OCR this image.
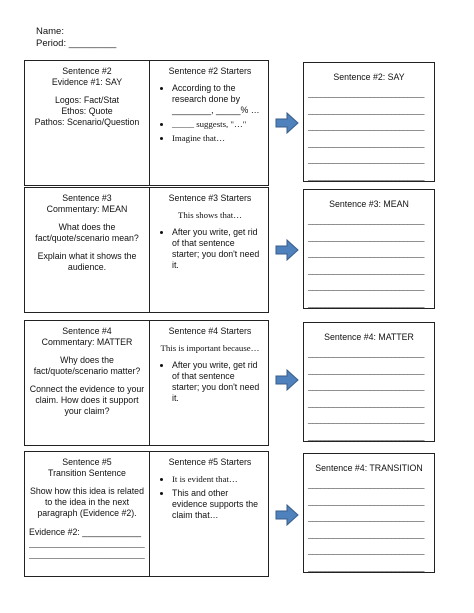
Name:
Period: _________
Sentence #2
Evidence #1: SAY
Logos: Fact/Stat
Ethos: Quote
Pathos: Scenario/Question
Sentence #2 Starters
• According to the research done by ________, _____% …
• _____ suggests, "…"
• Imagine that…
Sentence #2: SAY
____________________________
____________________________
____________________________
____________________________
____________________________
____________________________
Sentence #3
Commentary: MEAN
What does the fact/quote/scenario mean?
Explain what it shows the audience.
Sentence #3 Starters
This shows that…
• After you write, get rid of that sentence starter; you don't need it.
Sentence #3: MEAN
____________________________
____________________________
____________________________
____________________________
____________________________
____________________________
Sentence #4
Commentary: MATTER
Why does the fact/quote/scenario matter?
Connect the evidence to your claim. How does it support your claim?
Sentence #4 Starters
This is important because…
• After you write, get rid of that sentence starter; you don't need it.
Sentence #4: MATTER
____________________________
____________________________
____________________________
____________________________
____________________________
____________________________
Sentence #5
Transition Sentence
Show how this idea is related to the idea in the next paragraph (Evidence #2).
Evidence #2: ____________
__________________________
__________________________
Sentence #5 Starters
• It is evident that…
• This and other evidence supports the claim that…
Sentence #4: TRANSITION
____________________________
____________________________
____________________________
____________________________
____________________________
____________________________
